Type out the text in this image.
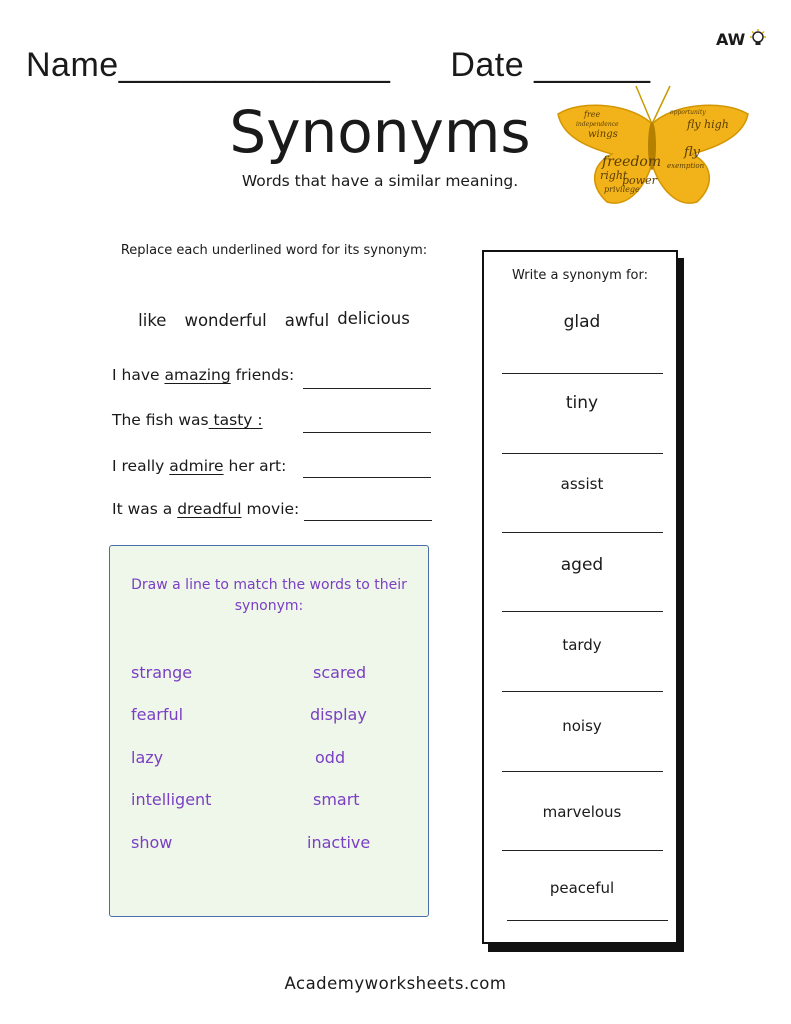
Name______________ Date ______
AW
Synonyms
Words that have a similar meaning.
free
independence
opportunity
fly high
wings
freedom
power
right
privilege
exemption
fly
Replace each underlined word for its synonym:
like wonderful awful delicious
I have amazing friends:
The fish was tasty :
I really admire her art:
It was a dreadful movie:
Draw a line to match the words to their synonym:
strange
fearful
lazy
intelligent
show
scared
display
odd
smart
inactive
Write a synonym for:
glad
tiny
assist
aged
tardy
noisy
marvelous
peaceful
Academyworksheets.com
